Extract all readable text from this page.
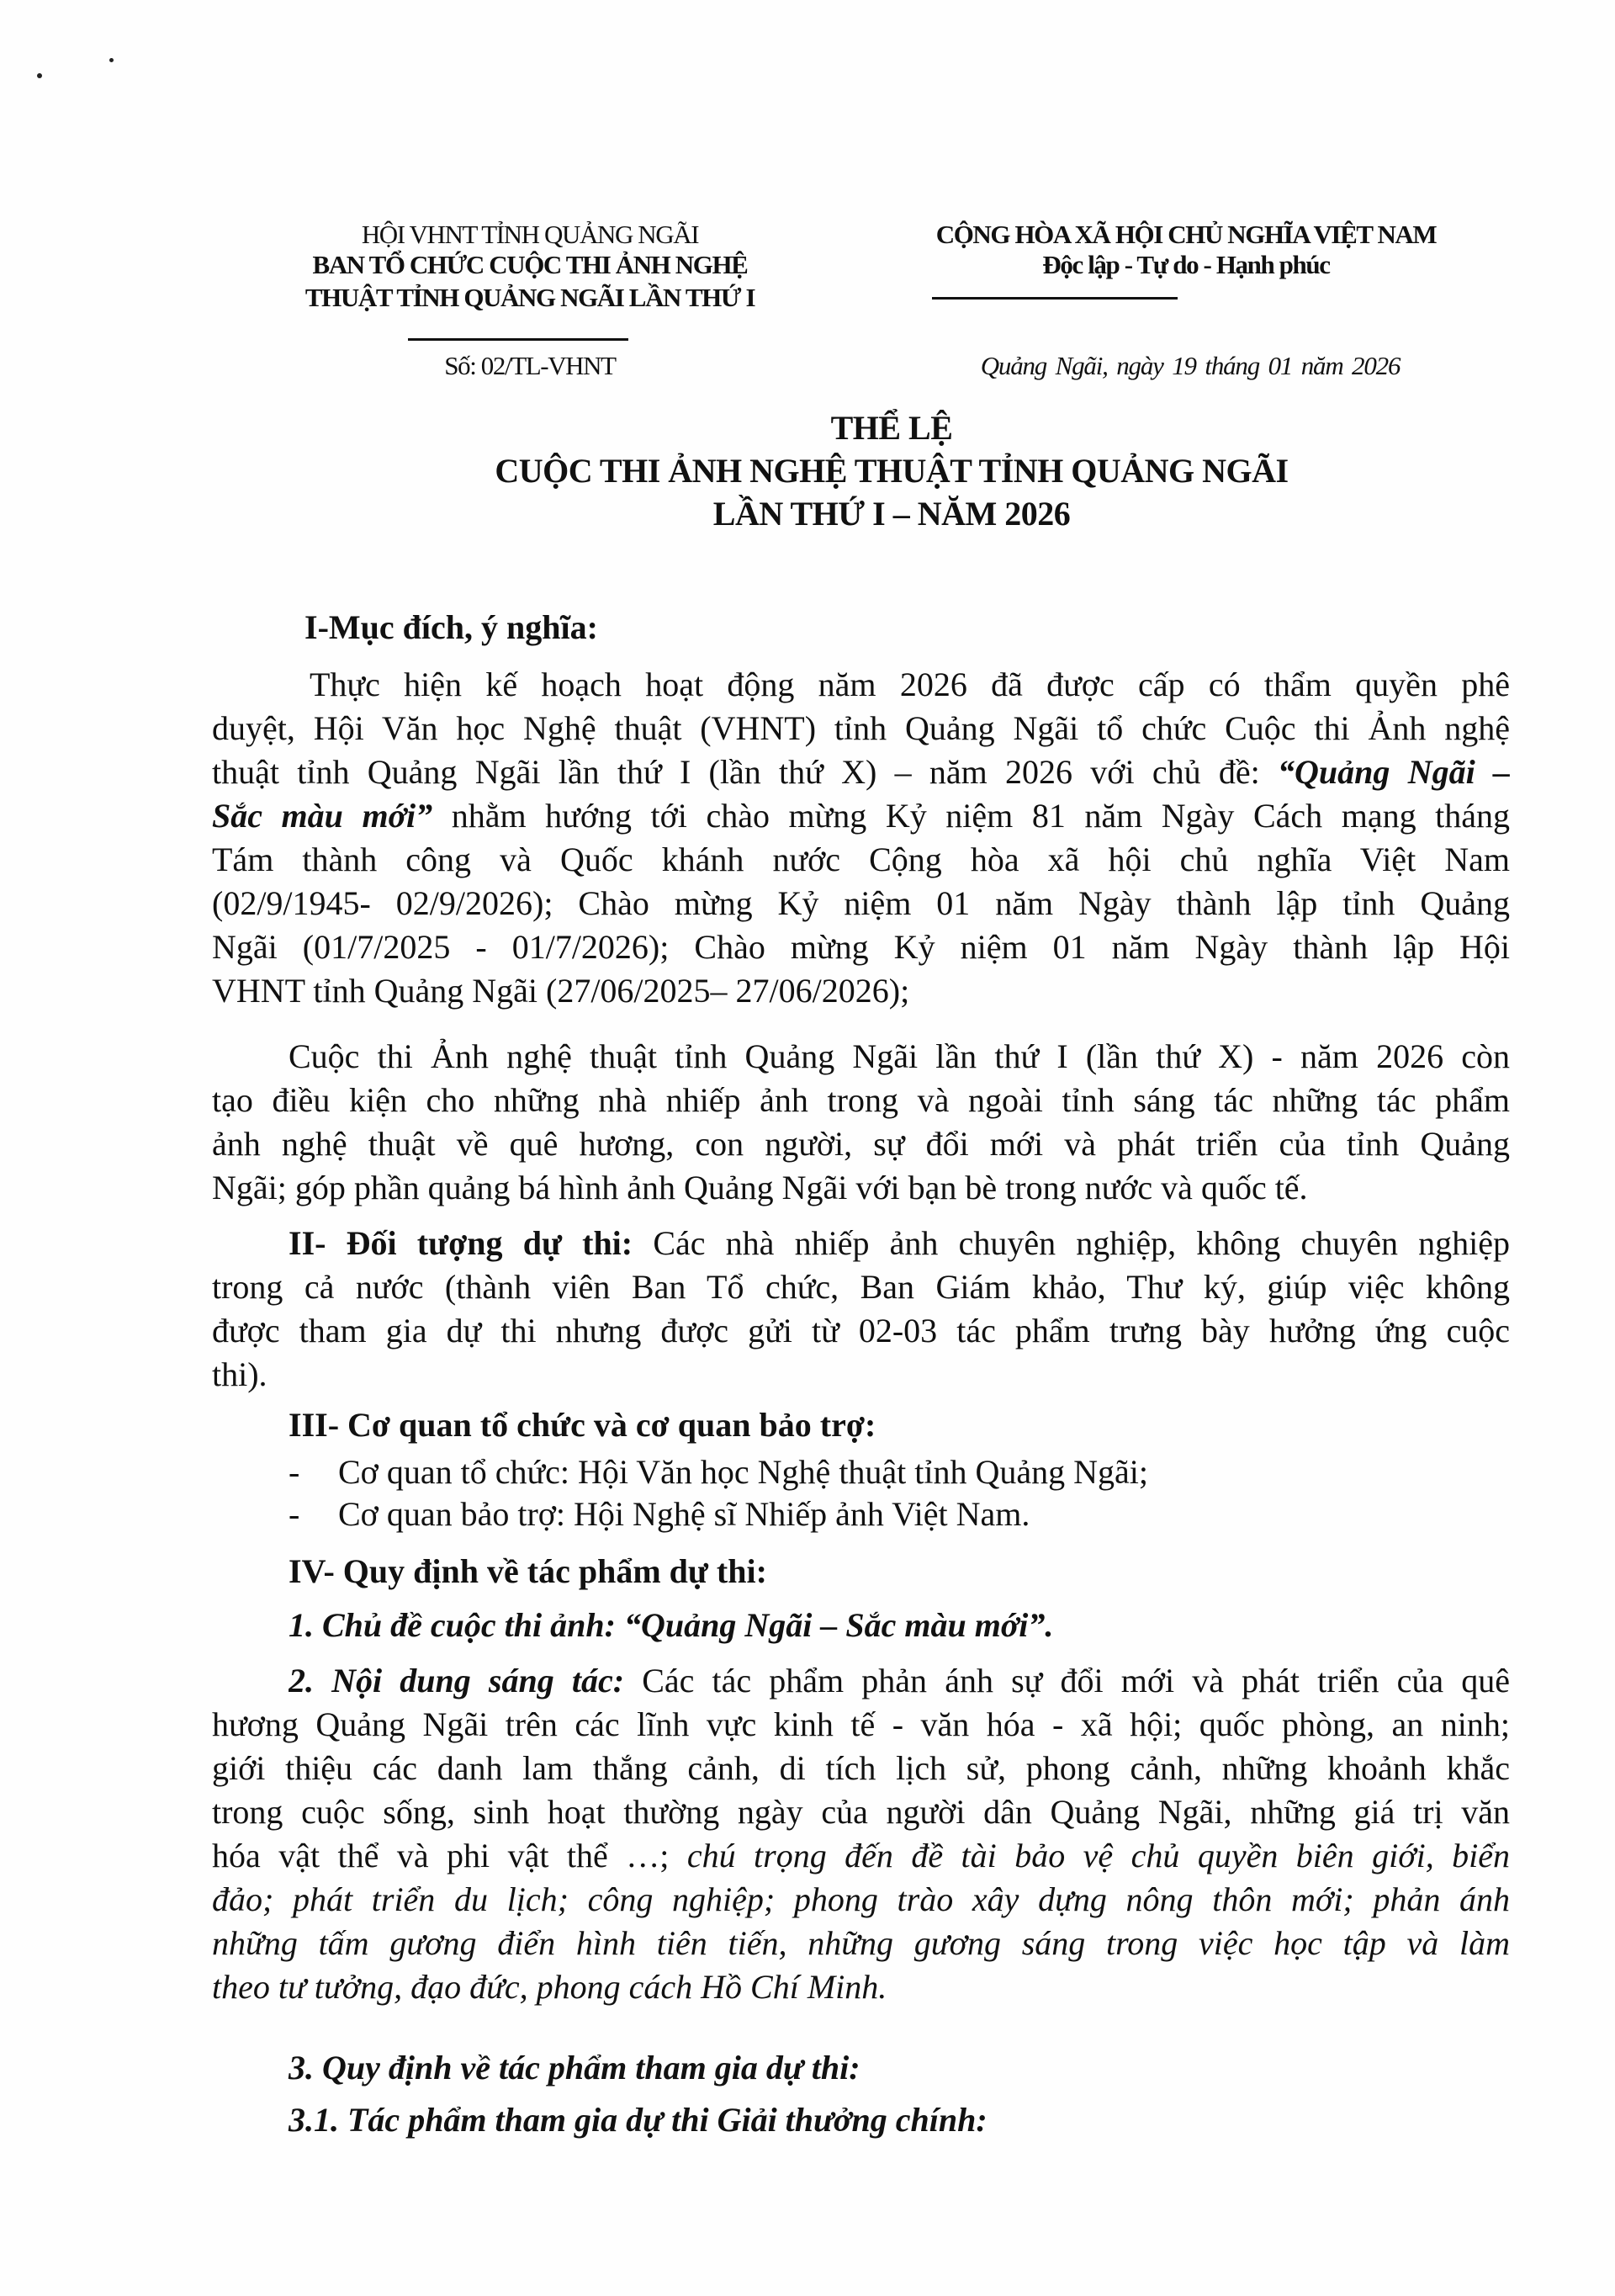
HỘI VHNT TỈNH QUẢNG NGÃI
BAN TỔ CHỨC CUỘC THI ẢNH NGHỆ
THUẬT TỈNH QUẢNG NGÃI LẦN THỨ I
Số: 02/TL-VHNT
CỘNG HÒA XÃ HỘI CHỦ NGHĨA VIỆT NAM
Độc lập - Tự do - Hạnh phúc
Quảng Ngãi, ngày 19 tháng 01 năm 2026
THỂ LỆ
CUỘC THI ẢNH NGHỆ THUẬT TỈNH QUẢNG NGÃI
LẦN THỨ I – NĂM 2026
I-Mục đích, ý nghĩa:
Thực hiện kế hoạch hoạt động năm 2026 đã được cấp có thẩm quyền phê
duyệt, Hội Văn học Nghệ thuật (VHNT) tỉnh Quảng Ngãi tổ chức Cuộc thi Ảnh nghệ
thuật tỉnh Quảng Ngãi lần thứ I (lần thứ X) – năm 2026 với chủ đề: “Quảng Ngãi –
Sắc màu mới” nhằm hướng tới chào mừng Kỷ niệm 81 năm Ngày Cách mạng tháng
Tám thành công và Quốc khánh nước Cộng hòa xã hội chủ nghĩa Việt Nam
(02/9/1945- 02/9/2026); Chào mừng Kỷ niệm 01 năm Ngày thành lập tỉnh Quảng
Ngãi (01/7/2025 - 01/7/2026); Chào mừng Kỷ niệm 01 năm Ngày thành lập Hội
VHNT tỉnh Quảng Ngãi (27/06/2025– 27/06/2026);
Cuộc thi Ảnh nghệ thuật tỉnh Quảng Ngãi lần thứ I (lần thứ X) - năm 2026 còn
tạo điều kiện cho những nhà nhiếp ảnh trong và ngoài tỉnh sáng tác những tác phẩm
ảnh nghệ thuật về quê hương, con người, sự đổi mới và phát triển của tỉnh Quảng
Ngãi; góp phần quảng bá hình ảnh Quảng Ngãi với bạn bè trong nước và quốc tế.
II- Đối tượng dự thi: Các nhà nhiếp ảnh chuyên nghiệp, không chuyên nghiệp
trong cả nước (thành viên Ban Tổ chức, Ban Giám khảo, Thư ký, giúp việc không
được tham gia dự thi nhưng được gửi từ 02-03 tác phẩm trưng bày hưởng ứng cuộc
thi).
III- Cơ quan tổ chức và cơ quan bảo trợ:
- Cơ quan tổ chức: Hội Văn học Nghệ thuật tỉnh Quảng Ngãi;
- Cơ quan bảo trợ: Hội Nghệ sĩ Nhiếp ảnh Việt Nam.
IV- Quy định về tác phẩm dự thi:
1. Chủ đề cuộc thi ảnh: “Quảng Ngãi – Sắc màu mới”.
2. Nội dung sáng tác: Các tác phẩm phản ánh sự đổi mới và phát triển của quê
hương Quảng Ngãi trên các lĩnh vực kinh tế - văn hóa - xã hội; quốc phòng, an ninh;
giới thiệu các danh lam thắng cảnh, di tích lịch sử, phong cảnh, những khoảnh khắc
trong cuộc sống, sinh hoạt thường ngày của người dân Quảng Ngãi, những giá trị văn
hóa vật thể và phi vật thể …; chú trọng đến đề tài bảo vệ chủ quyền biên giới, biển
đảo; phát triển du lịch; công nghiệp; phong trào xây dựng nông thôn mới; phản ánh
những tấm gương điển hình tiên tiến, những gương sáng trong việc học tập và làm
theo tư tưởng, đạo đức, phong cách Hồ Chí Minh.
3. Quy định về tác phẩm tham gia dự thi:
3.1. Tác phẩm tham gia dự thi Giải thưởng chính:
